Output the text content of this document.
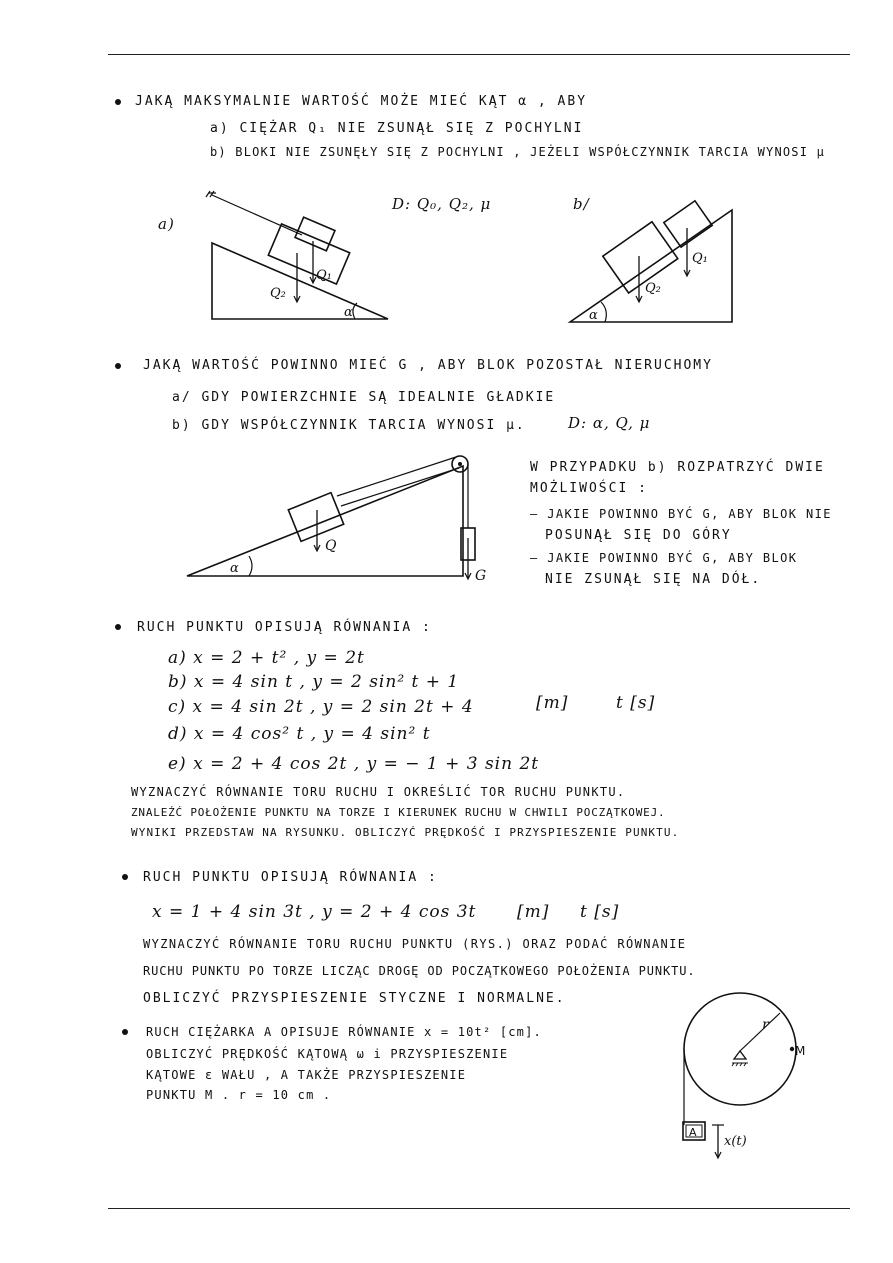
JAKĄ MAKSYMALNIE WARTOŚĆ MOŻE MIEĆ KĄT α , ABY
a) CIĘŻAR Q₁ NIE ZSUNĄŁ SIĘ Z POCHYLNI
b) BLOKI NIE ZSUNĘŁY SIĘ Z POCHYLNI , JEŻELI WSPÓŁCZYNNIK TARCIA WYNOSI μ
D: Q₀, Q₂, μ
a)
b/
Q₁
Q₂
α
Q₁
Q₂
α
JAKĄ WARTOŚĆ POWINNO MIEĆ G , ABY BLOK POZOSTAŁ NIERUCHOMY
a/ GDY POWIERZCHNIE SĄ IDEALNIE GŁADKIE
b) GDY WSPÓŁCZYNNIK TARCIA WYNOSI μ.	D: α, Q, μ
Q
G
α
W PRZYPADKU b) ROZPATRZYĆ DWIE
MOŻLIWOŚCI :
– JAKIE POWINNO BYĆ G, ABY BLOK NIE
POSUNĄŁ SIĘ DO GÓRY
– JAKIE POWINNO BYĆ G, ABY BLOK
NIE ZSUNĄŁ SIĘ NA DÓŁ.
RUCH PUNKTU OPISUJĄ RÓWNANIA :
a) x = 2 + t² , y = 2t
b) x = 4 sin t , y = 2 sin² t + 1
c) x = 4 sin 2t , y = 2 sin 2t + 4
d) x = 4 cos² t , y = 4 sin² t
e) x = 2 + 4 cos 2t , y = − 1 + 3 sin 2t
[m]	t [s]
WYZNACZYĆ RÓWNANIE TORU RUCHU I OKREŚLIĆ TOR RUCHU PUNKTU.
ZNALEŹĆ POŁOŻENIE PUNKTU NA TORZE I KIERUNEK RUCHU W CHWILI POCZĄTKOWEJ.
WYNIKI PRZEDSTAW NA RYSUNKU. OBLICZYĆ PRĘDKOŚĆ I PRZYSPIESZENIE PUNKTU.
RUCH PUNKTU OPISUJĄ RÓWNANIA :
x = 1 + 4 sin 3t , y = 2 + 4 cos 3t [m] t [s]
WYZNACZYĆ RÓWNANIE TORU RUCHU PUNKTU (RYS.) ORAZ PODAĆ RÓWNANIE
RUCHU PUNKTU PO TORZE LICZĄC DROGĘ OD POCZĄTKOWEGO POŁOŻENIA PUNKTU.
OBLICZYĆ PRZYSPIESZENIE STYCZNE I NORMALNE.
RUCH CIĘŻARKA A OPISUJE RÓWNANIE x = 10t² [cm].
OBLICZYĆ PRĘDKOŚĆ KĄTOWĄ ω i PRZYSPIESZENIE
KĄTOWE ε WAŁU , A TAKŻE PRZYSPIESZENIE
PUNKTU M . r = 10 cm .
r
M
A
x(t)
